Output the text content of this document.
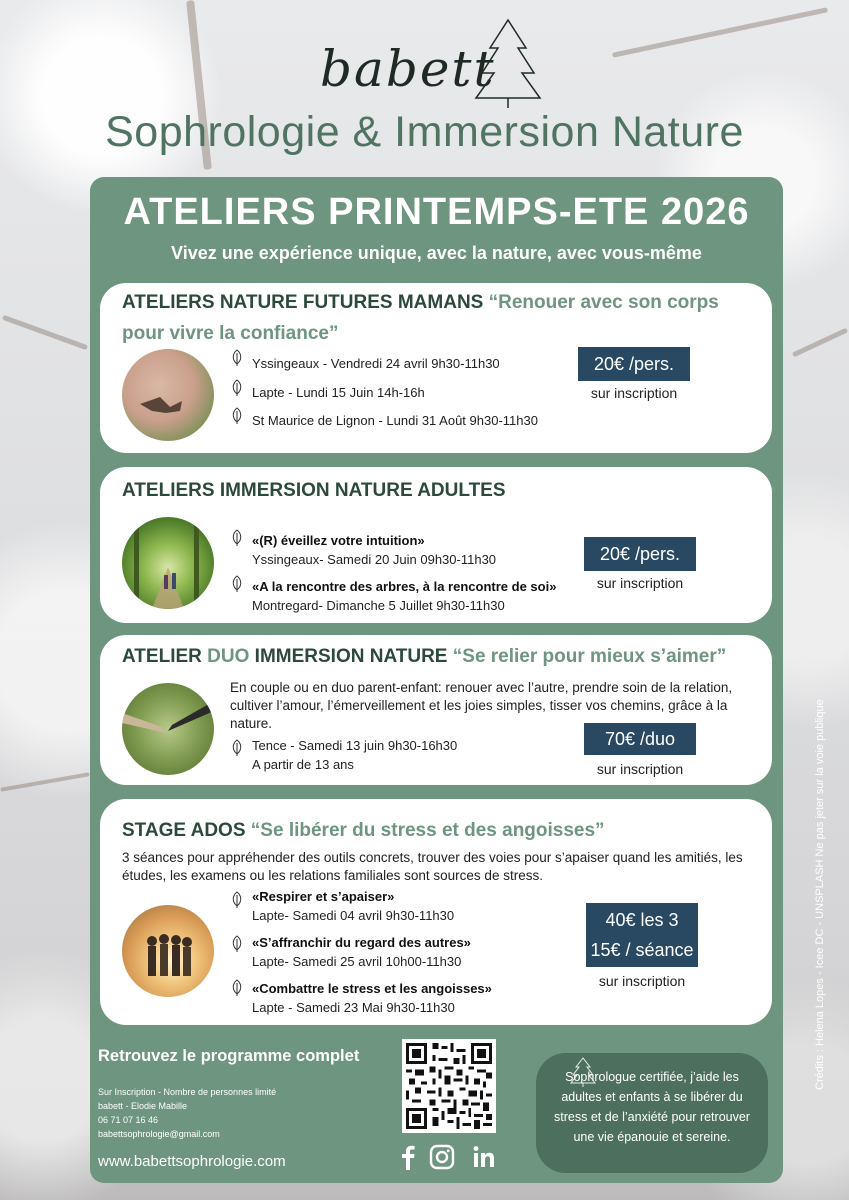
babett
Sophrologie & Immersion Nature
ATELIERS PRINTEMPS-ETE 2026
Vivez une expérience unique, avec la nature, avec vous-même
ATELIERS NATURE FUTURES MAMANS “Renouer avec son corps pour vivre la confiance”
Yssingeaux - Vendredi 24 avril 9h30-11h30
Lapte - Lundi 15 Juin 14h-16h
St Maurice de Lignon - Lundi 31 Août 9h30-11h30
20€ /pers.
sur inscription
ATELIERS IMMERSION NATURE ADULTES
«(R) éveillez votre intuition»
Yssingeaux- Samedi 20 Juin 09h30-11h30
«A la rencontre des arbres, à la rencontre de soi»
Montregard- Dimanche 5 Juillet 9h30-11h30
20€ /pers.
sur inscription
ATELIER DUO IMMERSION NATURE “Se relier pour mieux s’aimer”
En couple ou en duo parent-enfant: renouer avec l’autre, prendre soin de la relation, cultiver l’amour, l’émerveillement et les joies simples, tisser vos chemins, grâce à la nature.
Tence - Samedi 13 juin 9h30-16h30
A partir de 13 ans
70€ /duo
sur inscription
STAGE ADOS “Se libérer du stress et des angoisses”
3 séances pour appréhender des outils concrets, trouver des voies pour s’apaiser quand les amitiés, les études, les examens ou les relations familiales sont sources de stress.
«Respirer et s’apaiser»
Lapte- Samedi 04 avril 9h30-11h30
«S’affranchir du regard des autres»
Lapte- Samedi 25 avril 10h00-11h30
«Combattre le stress et les angoisses»
Lapte - Samedi 23 Mai 9h30-11h30
40€ les 3
15€ / séance
sur inscription
Retrouvez le programme complet
Sur Inscription - Nombre de personnes limité
babett - Elodie Mabille
06 71 07 16 46
babettsophrologie@gmail.com
www.babettsophrologie.com
Sophrologue certifiée, j’aide les adultes et enfants à se libérer du stress et de l’anxiété pour retrouver une vie épanouie et sereine.
Crédits : Helena Lopes - Icee DC - UNSPLASH Ne pas jeter sur la voie publique
